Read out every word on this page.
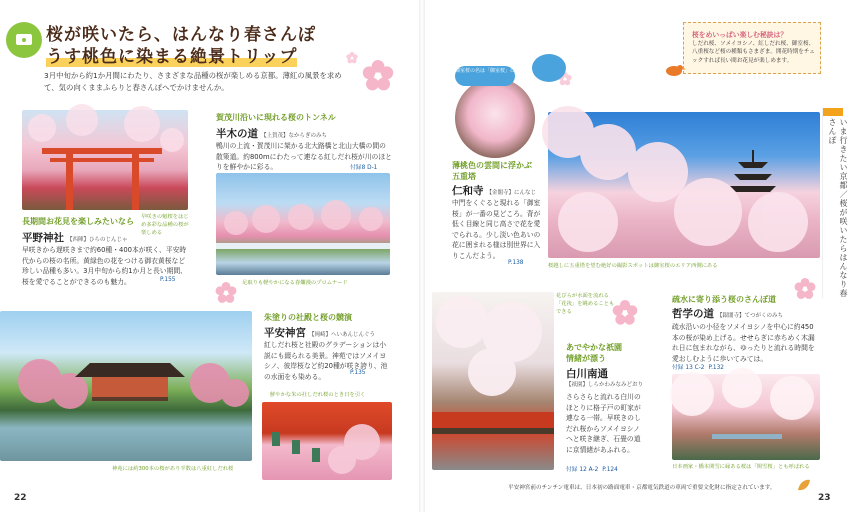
桜が咲いたら、はんなり春さんぽ
うす桃色に染まる絶景トリップ
3月中旬から約1か月間にわたり、さまざまな品種の桜が楽しめる京都。薄紅の風景を求めて、気の向くままふらりと春さんぽへでかけませんか。
早咲きの魁桜をはじめ多彩な品種の桜が楽しめる
長期間お花見を楽しみたいなら
平野神社 【西陣】ひらのじんじゃ
早咲きから遅咲きまで約60種・400本が咲く、平安時代からの桜の名所。黄緑色の花をつける御衣黄桜など珍しい品種も多い。3月中旬から約1か月と長い期間、桜を愛でることができるのも魅力。	P.155
賀茂川沿いに現れる桜のトンネル
半木の道 【上賀茂】なからぎのみち
鴨川の上流・賀茂川に架かる北大路橋と北山大橋の間の散策道。約800mにわたって連なる紅しだれ桜が川のほとりを鮮やかに彩る。	付録8 D-1
足取りも軽やかになる春爛漫のプロムナード
神苑には約300本の桜があり半数は八重紅しだれ桜
朱塗りの社殿と桜の競演
平安神宮 【岡崎】へいあんじんぐう
紅しだれ桜と社殿のグラデーションは小説にも綴られる美景。神苑ではソメイヨシノ、彼岸桜など約20種が咲き誇り、池の水面をも染める。	P.135
鮮やかな朱の社しだれ桜のとき日を引く
22
御室桜の名は「御室桜」に
桜をめいっぱい楽しむ秘訣は？
しだれ桜、ソメイヨシノ、紅しだれ桜、御室桜、八重桜など桜の種類もさまざま。開花時期をチェックすれば長い間お花見が楽しめます。
薄桃色の雲間に浮かぶ五重塔
仁和寺 【金閣寺】にんなじ
中門をくぐると現れる「御室桜」が一番の見どころ。背が低く目線と同じ高さで花を愛でられる。少し淡い色あいの花に囲まれる様は別世界に入りこんだよう。
P.138	桜越しに五重塔を望む絶好の撮影スポットは御室桜のエリア西側にある
花びらが水面を流れる「花筏」を眺めることもできる
あでやかな祇園情緒が漂う
白川南通
【祇園】しらかわみなみどおり
さらさらと流れる白川のほとりに格子戸の町家が連なる一帯。早咲きのしだれ桜からソメイヨシノへと咲き継ぎ、石畳の道に京情緒があふれる。
付録 12 A-2 P.124
疏水に寄り添う桜のさんぽ道
哲学の道 【銀閣寺】てつがくのみち
疏水沿いの小径をソメイヨシノを中心に約450本の桜が染め上げる。せせらぎに赤ちめく木漏れ日に包まれながら、ゆったりと流れる時間を愛おしむように歩いてみては。
付録 13 C-2 P.132
日本画家・橋本関雪に縁ある桜は「関雪桜」とも呼ばれる
いま行きたい京都／桜が咲いたらはんなり春さんぽ
平安神宮前のチンチン電車は、日本初の路面電車・京都電気鉄道の車両で重要文化財に指定されています。
23
